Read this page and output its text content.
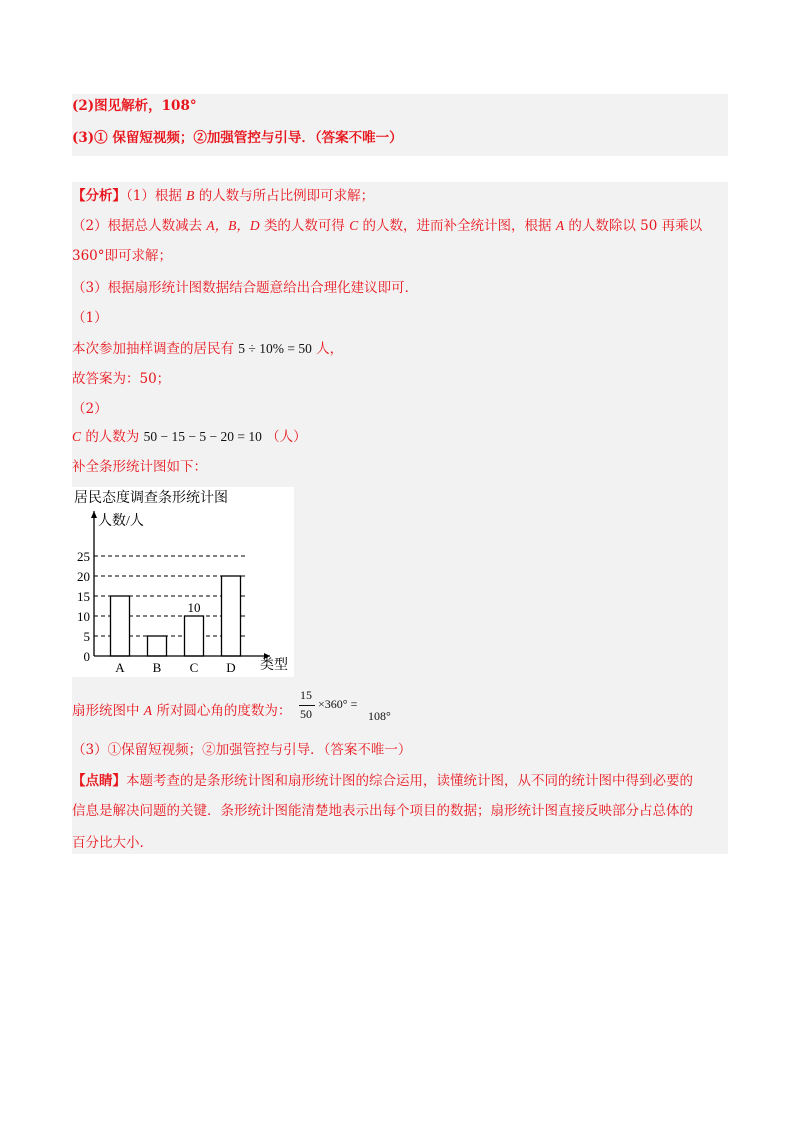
(2)图见解析，108°
(3)① 保留短视频；②加强管控与引导．（答案不唯一）
【分析】（1）根据 B 的人数与所占比例即可求解；
（2）根据总人数减去 A，B，D 类的人数可得 C 的人数，进而补全统计图，根据 A 的人数除以 50 再乘以
360°即可求解；
（3）根据扇形统计图数据结合题意给出合理化建议即可．
（1）
本次参加抽样调查的居民有 5 ÷ 10% = 50 人，
故答案为：50；
（2）
C 的人数为 50 − 15 − 5 − 20 = 10 （人）
补全条形统计图如下：
居民态度调查条形统计图
人数/人
类型
0
5
10
15
20
25
A B C
10
D
扇形统图中 A 所对圆心角的度数为：
15
50
×360° =
108°
（3）①保留短视频；②加强管控与引导．（答案不唯一）
【点睛】本题考查的是条形统计图和扇形统计图的综合运用，读懂统计图，从不同的统计图中得到必要的
信息是解决问题的关键．条形统计图能清楚地表示出每个项目的数据；扇形统计图直接反映部分占总体的
百分比大小.
